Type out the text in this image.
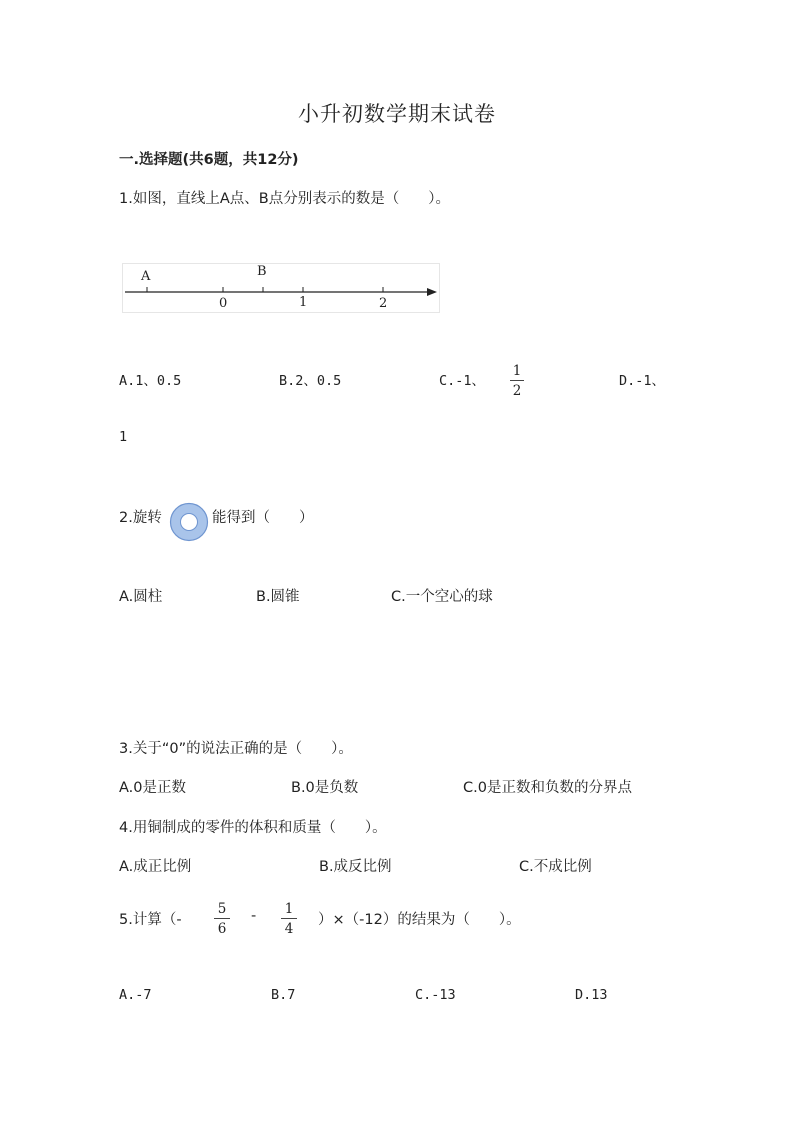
小升初数学期末试卷
一.选择题(共6题，共12分)
1.如图，直线上A点、B点分别表示的数是（　　）。
A	B
0	1	2
A.1、0.5	B.2、0.5	C.-1、
1
2
D.-1、
1
2.旋转	能得到（　　）
A.圆柱	B.圆锥	C.一个空心的球
3.关于“0”的说法正确的是（　　）。
A.0是正数	B.0是负数	C.0是正数和负数的分界点
4.用铜制成的零件的体积和质量（　　）。
A.成正比例	B.成反比例	C.不成比例
5.计算（-
5
6
- 1
4
）×（-12）的结果为（　　）。
A.-7	B.7	C.-13	D.13
